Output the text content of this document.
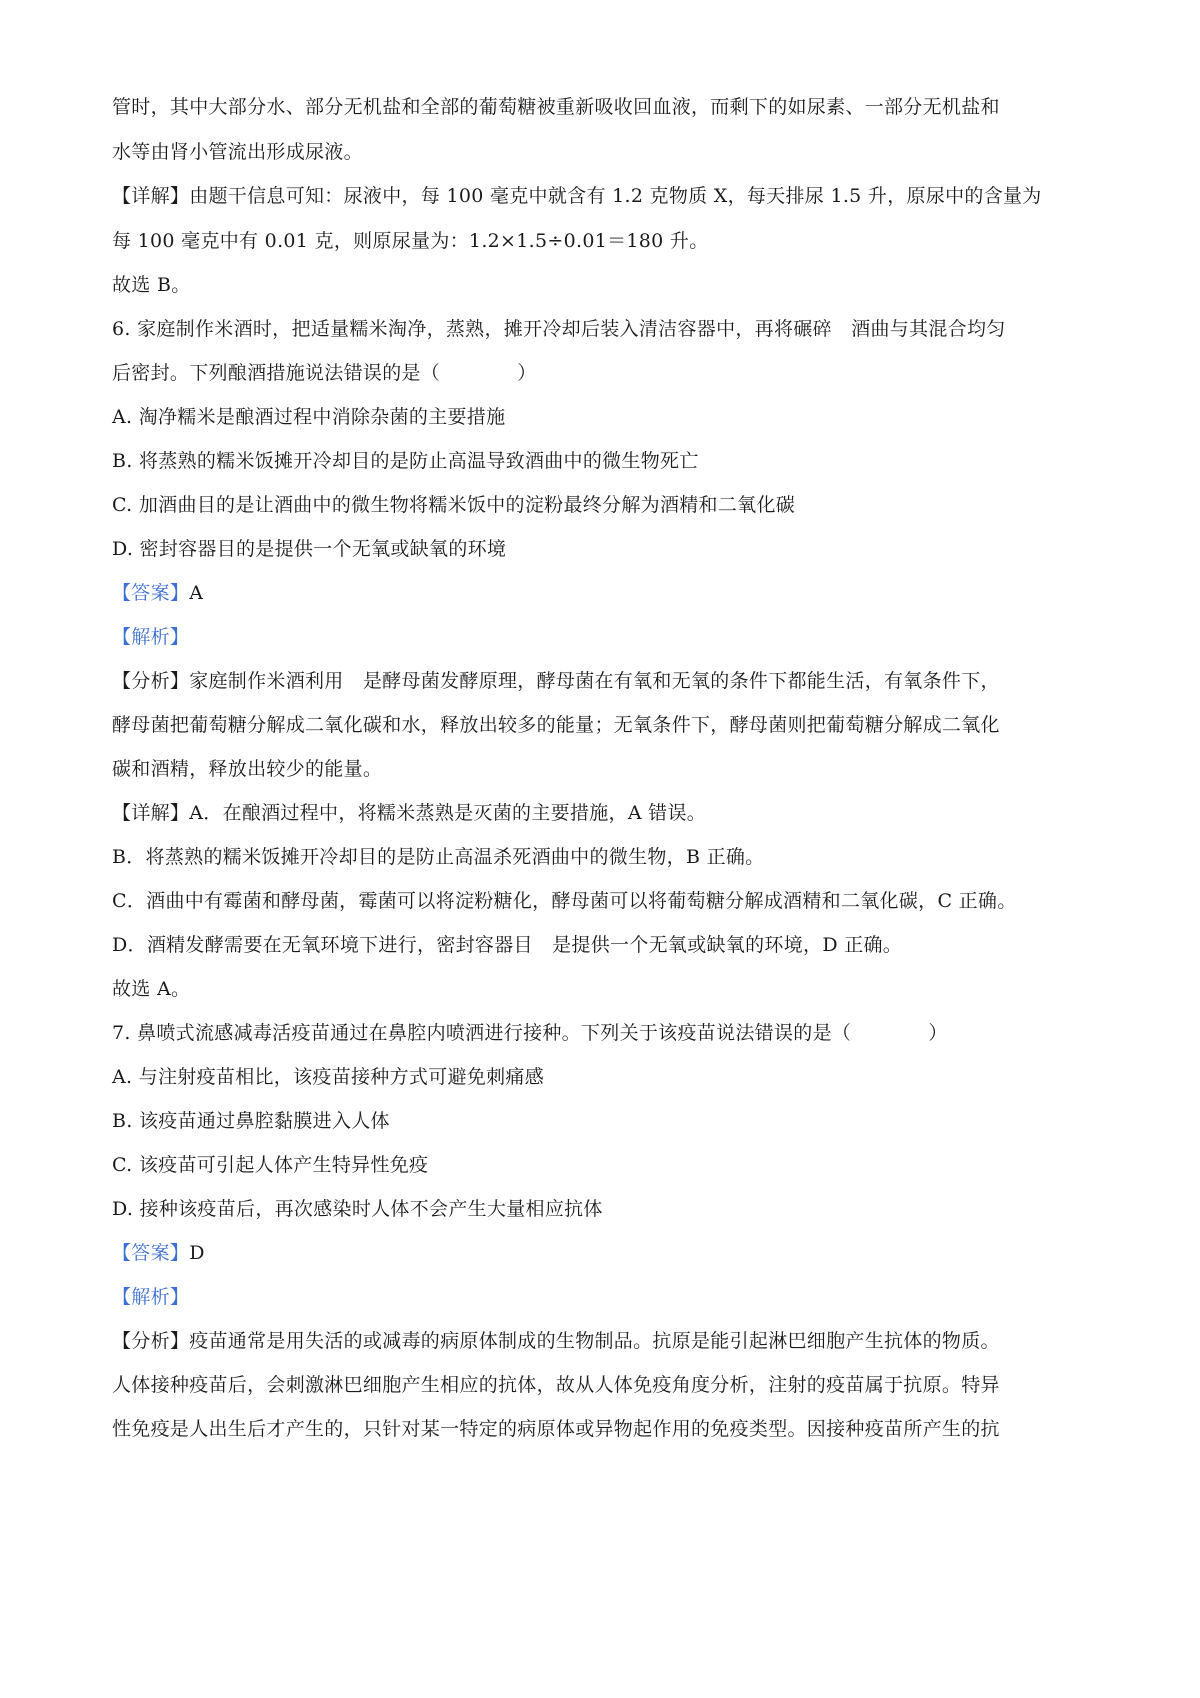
管时，其中大部分水、部分无机盐和全部的葡萄糖被重新吸收回血液，而剩下的如尿素、一部分无机盐和
水等由肾小管流出形成尿液。
【详解】由题干信息可知：尿液中，每 100 毫克中就含有 1.2 克物质 X，每天排尿 1.5 升，原尿中的含量为
每 100 毫克中有 0.01 克，则原尿量为：1.2×1.5÷0.01＝180 升。
故选 B。
6. 家庭制作米酒时，把适量糯米淘净，蒸熟，摊开冷却后装入清洁容器中，再将碾碎　酒曲与其混合均匀
后密封。下列酿酒措施说法错误的是（　　　　）
A. 淘净糯米是酿酒过程中消除杂菌的主要措施
B. 将蒸熟的糯米饭摊开冷却目的是防止高温导致酒曲中的微生物死亡
C. 加酒曲目的是让酒曲中的微生物将糯米饭中的淀粉最终分解为酒精和二氧化碳
D. 密封容器目的是提供一个无氧或缺氧的环境
【答案】A
【解析】
【分析】家庭制作米酒利用　是酵母菌发酵原理，酵母菌在有氧和无氧的条件下都能生活，有氧条件下，
酵母菌把葡萄糖分解成二氧化碳和水，释放出较多的能量；无氧条件下，酵母菌则把葡萄糖分解成二氧化
碳和酒精，释放出较少的能量。
【详解】A．在酿酒过程中，将糯米蒸熟是灭菌的主要措施，A 错误。
B．将蒸熟的糯米饭摊开冷却目的是防止高温杀死酒曲中的微生物，B 正确。
C．酒曲中有霉菌和酵母菌，霉菌可以将淀粉糖化，酵母菌可以将葡萄糖分解成酒精和二氧化碳，C 正确。
D．酒精发酵需要在无氧环境下进行，密封容器目　是提供一个无氧或缺氧的环境，D 正确。
故选 A。
7. 鼻喷式流感减毒活疫苗通过在鼻腔内喷洒进行接种。下列关于该疫苗说法错误的是（　　　　）
A. 与注射疫苗相比，该疫苗接种方式可避免刺痛感
B. 该疫苗通过鼻腔黏膜进入人体
C. 该疫苗可引起人体产生特异性免疫
D. 接种该疫苗后，再次感染时人体不会产生大量相应抗体
【答案】D
【解析】
【分析】疫苗通常是用失活的或减毒的病原体制成的生物制品。抗原是能引起淋巴细胞产生抗体的物质。
人体接种疫苗后，会刺激淋巴细胞产生相应的抗体，故从人体免疫角度分析，注射的疫苗属于抗原。特异
性免疫是人出生后才产生的，只针对某一特定的病原体或异物起作用的免疫类型。因接种疫苗所产生的抗
